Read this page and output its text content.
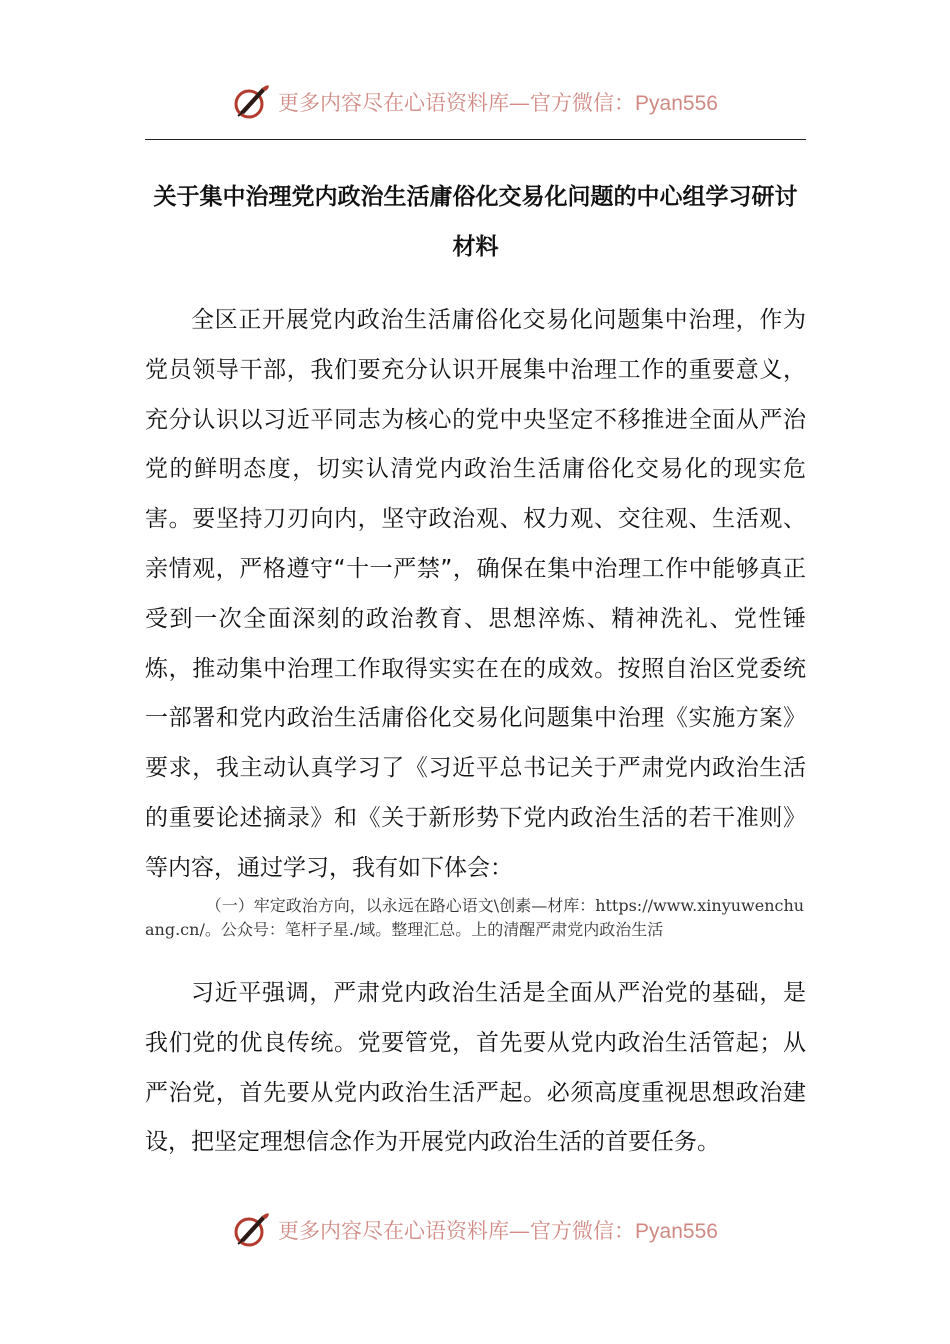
更多内容尽在心语资料库—官方微信：Pyan556
关于集中治理党内政治生活庸俗化交易化问题的中心组学习研讨材料
全区正开展党内政治生活庸俗化交易化问题集中治理，作为党员领导干部，我们要充分认识开展集中治理工作的重要意义，充分认识以习近平同志为核心的党中央坚定不移推进全面从严治党的鲜明态度，切实认清党内政治生活庸俗化交易化的现实危害。要坚持刀刃向内，坚守政治观、权力观、交往观、生活观、亲情观，严格遵守“十一严禁”，确保在集中治理工作中能够真正受到一次全面深刻的政治教育、思想淬炼、精神洗礼、党性锤炼，推动集中治理工作取得实实在在的成效。按照自治区党委统一部署和党内政治生活庸俗化交易化问题集中治理《实施方案》要求，我主动认真学习了《习近平总书记关于严肃党内政治生活的重要论述摘录》和《关于新形势下党内政治生活的若干准则》等内容，通过学习，我有如下体会：
（一）牢定政治方向，以永远在路心语文\创素—材库：https://www.xinyuwenchuang.cn/。公众号：笔杆子星./域。整理汇总。上的清醒严肃党内政治生活
习近平强调，严肃党内政治生活是全面从严治党的基础，是我们党的优良传统。党要管党，首先要从党内政治生活管起；从严治党，首先要从党内政治生活严起。必须高度重视思想政治建设，把坚定理想信念作为开展党内政治生活的首要任务。
更多内容尽在心语资料库—官方微信：Pyan556
